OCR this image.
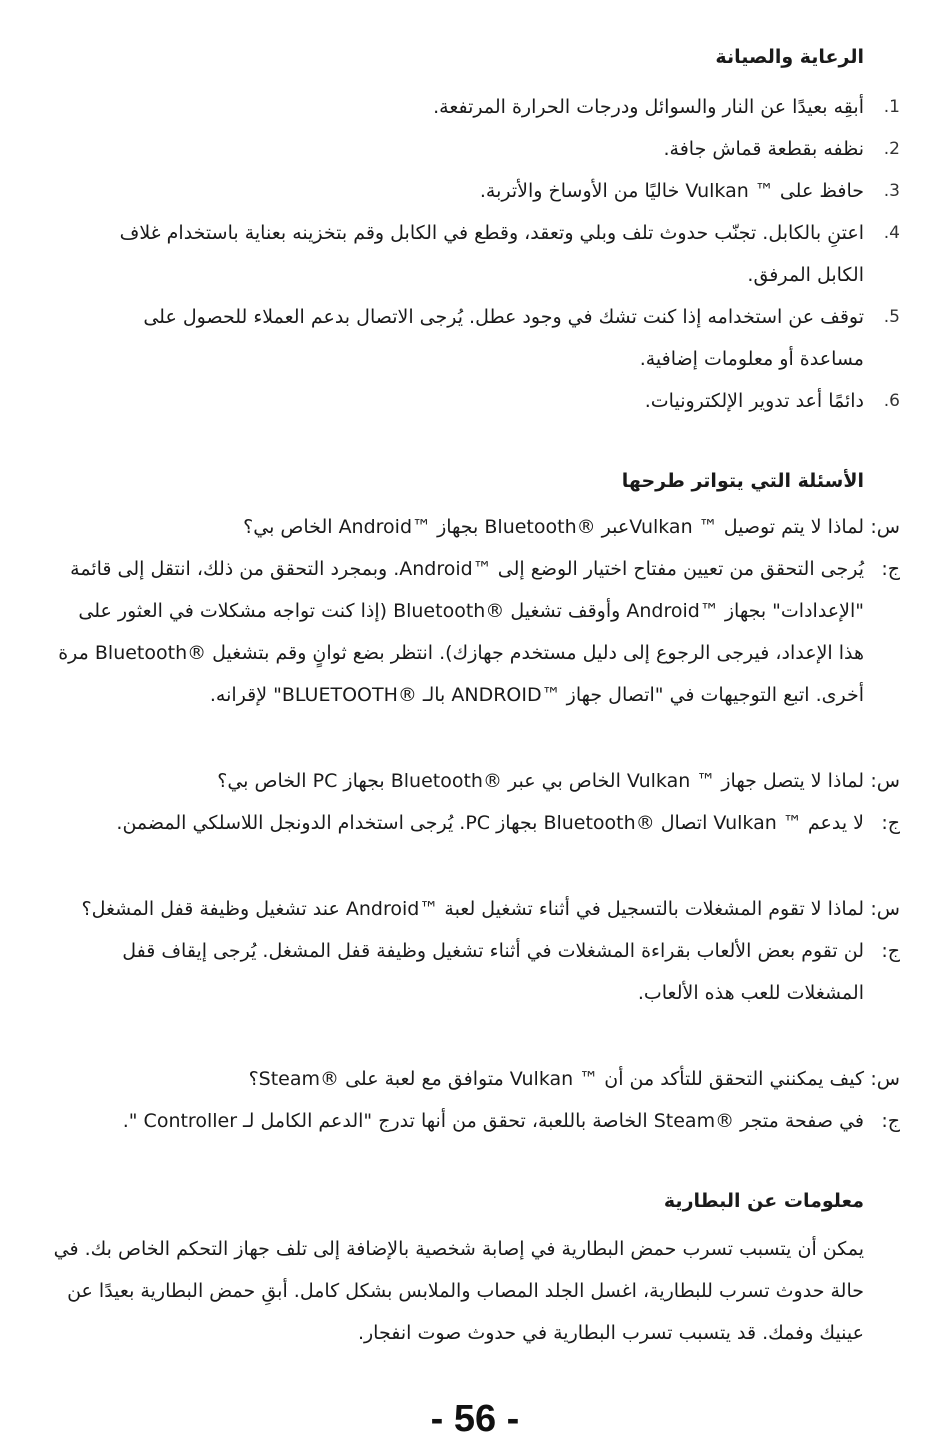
الرعاية والصيانة
1.
أبقِه بعيدًا عن النار والسوائل ودرجات الحرارة المرتفعة.
2.
نظفه بقطعة قماش جافة.
3.
حافظ على ™ Vulkan خاليًا من الأوساخ والأتربة.
4.
اعتنِ بالكابل. تجنّب حدوث تلف وبلي وتعقد، وقطع في الكابل وقم بتخزينه بعناية باستخدام غلاف الكابل المرفق.
5.
توقف عن استخدامه إذا كنت تشك في وجود عطل. يُرجى الاتصال بدعم العملاء للحصول على مساعدة أو معلومات إضافية.
6.
دائمًا أعد تدوير الإلكترونيات.
الأسئلة التي يتواتر طرحها
س:
لماذا لا يتم توصيل ™ Vulkanعبر ®Bluetooth بجهاز ™Android الخاص بي؟
ج:
يُرجى التحقق من تعيين مفتاح اختيار الوضع إلى ™Android. وبمجرد التحقق من ذلك، انتقل إلى قائمة "الإعدادات" بجهاز ™Android وأوقف تشغيل ®Bluetooth (إذا كنت تواجه مشكلات في العثور على هذا الإعداد، فيرجى الرجوع إلى دليل مستخدم جهازك). انتظر بضع ثوانٍ وقم بتشغيل ®Bluetooth مرة أخرى. اتبع التوجيهات في "اتصال جهاز ™ANDROID بالـ ®BLUETOOTH" لإقرانه.
س:
لماذا لا يتصل جهاز ™ Vulkan الخاص بي عبر ®Bluetooth بجهاز PC الخاص بي؟
ج:
لا يدعم ™ Vulkan اتصال ®Bluetooth بجهاز PC. يُرجى استخدام الدونجل اللاسلكي المضمن.
س:
لماذا لا تقوم المشغلات بالتسجيل في أثناء تشغيل لعبة ™Android عند تشغيل وظيفة قفل المشغل؟
ج:
لن تقوم بعض الألعاب بقراءة المشغلات في أثناء تشغيل وظيفة قفل المشغل. يُرجى إيقاف قفل المشغلات للعب هذه الألعاب.
س:
كيف يمكنني التحقق للتأكد من أن ™ Vulkan متوافق مع لعبة على ®Steam؟
ج:
في صفحة متجر ®Steam الخاصة باللعبة، تحقق من أنها تدرج "الدعم الكامل لـ Controller ".
معلومات عن البطارية

يمكن أن يتسبب تسرب حمض البطارية في إصابة شخصية بالإضافة إلى تلف جهاز التحكم الخاص بك. في حالة حدوث تسرب للبطارية، اغسل الجلد المصاب والملابس بشكل كامل. أبقِ حمض البطارية بعيدًا عن عينيك وفمك. قد يتسبب تسرب البطارية في حدوث صوت انفجار.

- 56 -
